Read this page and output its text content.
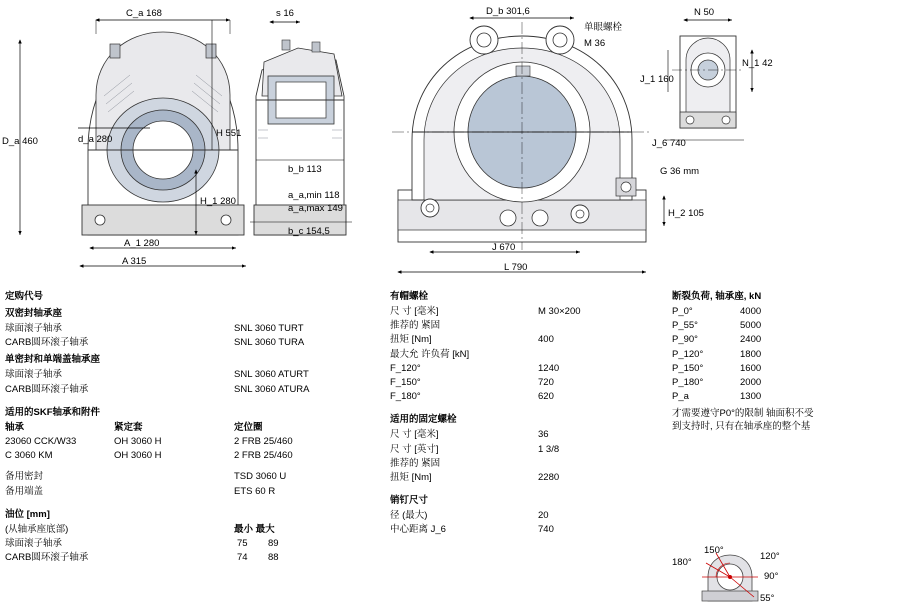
C_a 168
D_a 460	d_a 280
H 551
H_1 280
A_1 280
A 315
s 16
b_b 113
a_a,min 118
a_a,max 149
b_c 154,5
D_b 301,6
单眼螺栓
M 36
J 670
L 790
N 50
N_1 42
J_1 160
J_6 740
G 36 mm
H_2 105
定购代号
双密封轴承座
球面滚子轴承	SNL 3060 TURT
CARB圆环滚子轴承	SNL 3060 TURA
单密封和单端盖轴承座
球面滚子轴承	SNL 3060 ATURT
CARB圆环滚子轴承	SNL 3060 ATURA
适用的SKF轴承和附件
轴承	紧定套	定位圈
23060 CCK/W33	OH 3060 H	2 FRB 25/460
C 3060 KM	OH 3060 H	2 FRB 25/460
备用密封	TSD 3060 U
备用端盖	ETS 60 R
油位 [mm]
(从轴承座底部)	最小 最大
球面滚子轴承	75 89
CARB圆环滚子轴承	74 88
有帽螺栓
尺 寸 [毫米]	M 30×200
推荐的 紧固
扭矩 [Nm]	400
最大允 许负荷 [kN]
F_120°	1240
F_150°	720
F_180°	620
适用的固定螺栓
尺 寸 [毫米]	36
尺 寸 [英寸]	1 3/8
推荐的 紧固
扭矩 [Nm]	2280
销钉尺寸
径 (最大)	20
中心距离 J_6	740
断裂负荷, 轴承座, kN
P_0°	4000
P_55°	5000
P_90°	2400
P_120°	1800
P_150°	1600
P_180°	2000
P_a	1300
才需要遵守P0°的限制 轴面积不受到支持时, 只有在轴承座的整个基
180°
150°
120°
90°
55°
